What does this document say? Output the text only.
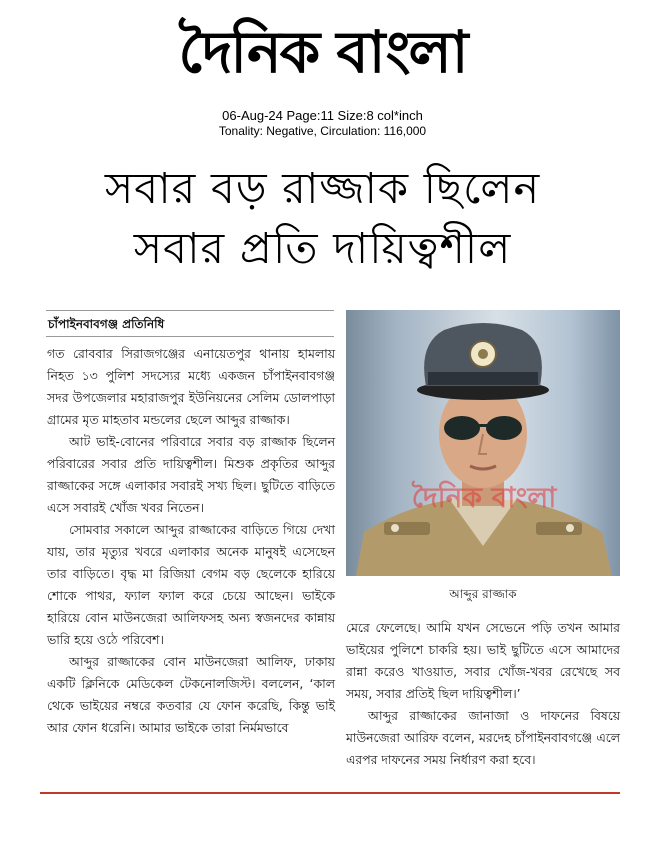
দৈনিক বাংলা
06-Aug-24 Page:11 Size:8 col*inch
Tonality: Negative, Circulation: 116,000
সবার বড় রাজ্জাক ছিলেন
সবার প্রতি দায়িত্বশীল
চাঁপাইনবাবগঞ্জ প্রতিনিধি

গত রোববার সিরাজগঞ্জের এনায়েতপুর থানায় হামলায় নিহত ১৩ পুলিশ সদস্যের মধ্যে একজন চাঁপাইনবাবগঞ্জ সদর উপজেলার মহারাজপুর ইউনিয়নের সেলিম ডোলপাড়া গ্রামের মৃত মাহতাব মন্ডলের ছেলে আব্দুর রাজ্জাক।

আট ভাই-বোনের পরিবারে সবার বড় রাজ্জাক ছিলেন পরিবারের সবার প্রতি দায়িত্বশীল। মিশুক প্রকৃতির আব্দুর রাজ্জাকের সঙ্গে এলাকার সবারই সখ্য ছিল। ছুটিতে বাড়িতে এসে সবারই খোঁজ খবর নিতেন।

সোমবার সকালে আব্দুর রাজ্জাকের বাড়িতে গিয়ে দেখা যায়, তার মৃত্যুর খবরে এলাকার অনেক মানুষই এসেছেন তার বাড়িতে। বৃদ্ধ মা রিজিয়া বেগম বড় ছেলেকে হারিয়ে শোকে পাথর, ফ্যাল ফ্যাল করে চেয়ে আছেন। ভাইকে হারিয়ে বোন মাউনজেরা আলিফসহ অন্য স্বজনদের কান্নায় ভারি হয়ে ওঠে পরিবেশ।

আব্দুর রাজ্জাকের বোন মাউনজেরা আলিফ, ঢাকায় একটি ক্লিনিকে মেডিকেল টেকনোলজিস্ট। বললেন, ‘কাল থেকে ভাইয়ের নম্বরে কতবার যে ফোন করেছি, কিন্তু ভাই আর ফোন ধরেনি। আমার ভাইকে তারা নির্মমভাবে

দৈনিক বাংলা
আব্দুর রাজ্জাক

মেরে ফেলেছে। আমি যখন সেভেনে পড়ি তখন আমার ভাইয়ের পুলিশে চাকরি হয়। ভাই ছুটিতে এসে আমাদের রান্না করেও খাওয়াত, সবার খোঁজ-খবর রেখেছে সব সময়, সবার প্রতিই ছিল দায়িত্বশীল।’

আব্দুর রাজ্জাকের জানাজা ও দাফনের বিষয়ে মাউনজেরা আরিফ বলেন, মরদেহ চাঁপাইনবাবগঞ্জে এলে এরপর দাফনের সময় নির্ধারণ করা হবে।
